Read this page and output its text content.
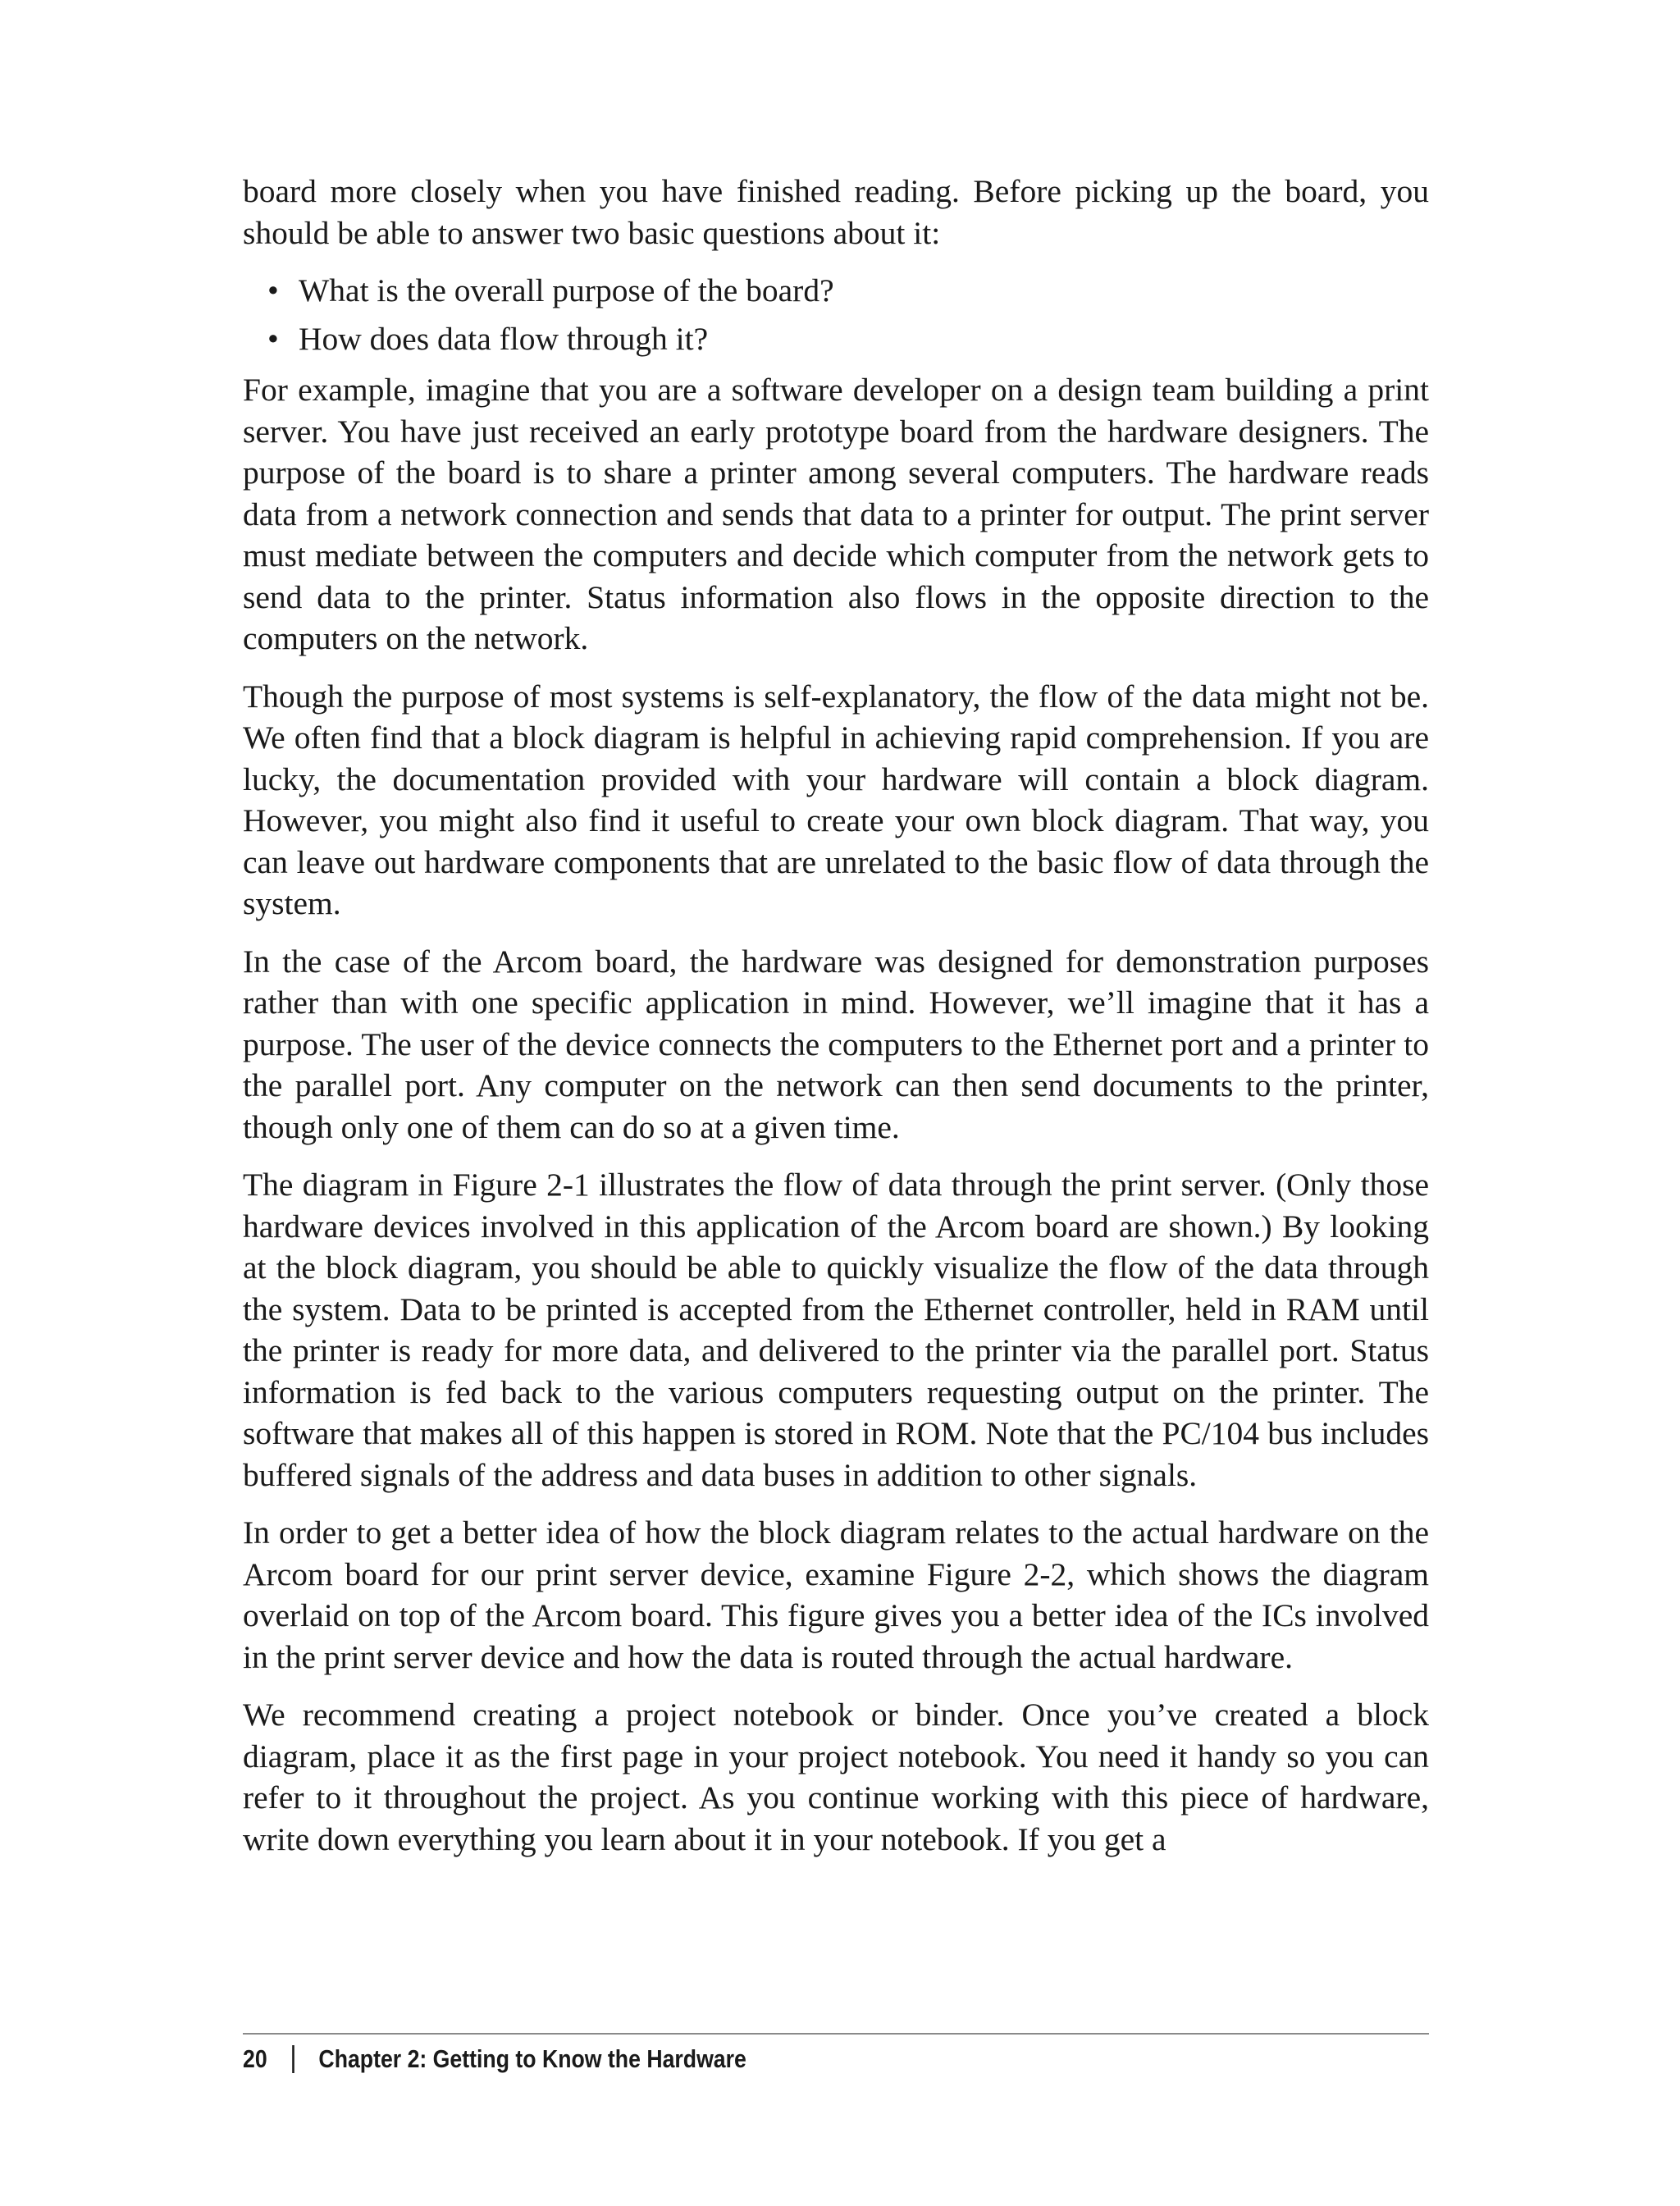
board more closely when you have finished reading. Before picking up the board, you should be able to answer two basic questions about it:

• What is the overall purpose of the board?
• How does data flow through it?

For example, imagine that you are a software developer on a design team building a print server. You have just received an early prototype board from the hardware designers. The purpose of the board is to share a printer among several computers. The hardware reads data from a network connection and sends that data to a printer for output. The print server must mediate between the computers and decide which computer from the network gets to send data to the printer. Status information also flows in the opposite direction to the computers on the network.

Though the purpose of most systems is self-explanatory, the flow of the data might not be. We often find that a block diagram is helpful in achieving rapid comprehension. If you are lucky, the documentation provided with your hardware will contain a block diagram. However, you might also find it useful to create your own block diagram. That way, you can leave out hardware components that are unrelated to the basic flow of data through the system.

In the case of the Arcom board, the hardware was designed for demonstration purposes rather than with one specific application in mind. However, we’ll imagine that it has a purpose. The user of the device connects the computers to the Ethernet port and a printer to the parallel port. Any computer on the network can then send documents to the printer, though only one of them can do so at a given time.

The diagram in Figure 2-1 illustrates the flow of data through the print server. (Only those hardware devices involved in this application of the Arcom board are shown.) By looking at the block diagram, you should be able to quickly visualize the flow of the data through the system. Data to be printed is accepted from the Ethernet controller, held in RAM until the printer is ready for more data, and delivered to the printer via the parallel port. Status information is fed back to the various computers requesting output on the printer. The software that makes all of this happen is stored in ROM. Note that the PC/104 bus includes buffered signals of the address and data buses in addition to other signals.

In order to get a better idea of how the block diagram relates to the actual hardware on the Arcom board for our print server device, examine Figure 2-2, which shows the diagram overlaid on top of the Arcom board. This figure gives you a better idea of the ICs involved in the print server device and how the data is routed through the actual hardware.

We recommend creating a project notebook or binder. Once you’ve created a block diagram, place it as the first page in your project notebook. You need it handy so you can refer to it throughout the project. As you continue working with this piece of hardware, write down everything you learn about it in your notebook. If you get a

20 Chapter 2: Getting to Know the Hardware
